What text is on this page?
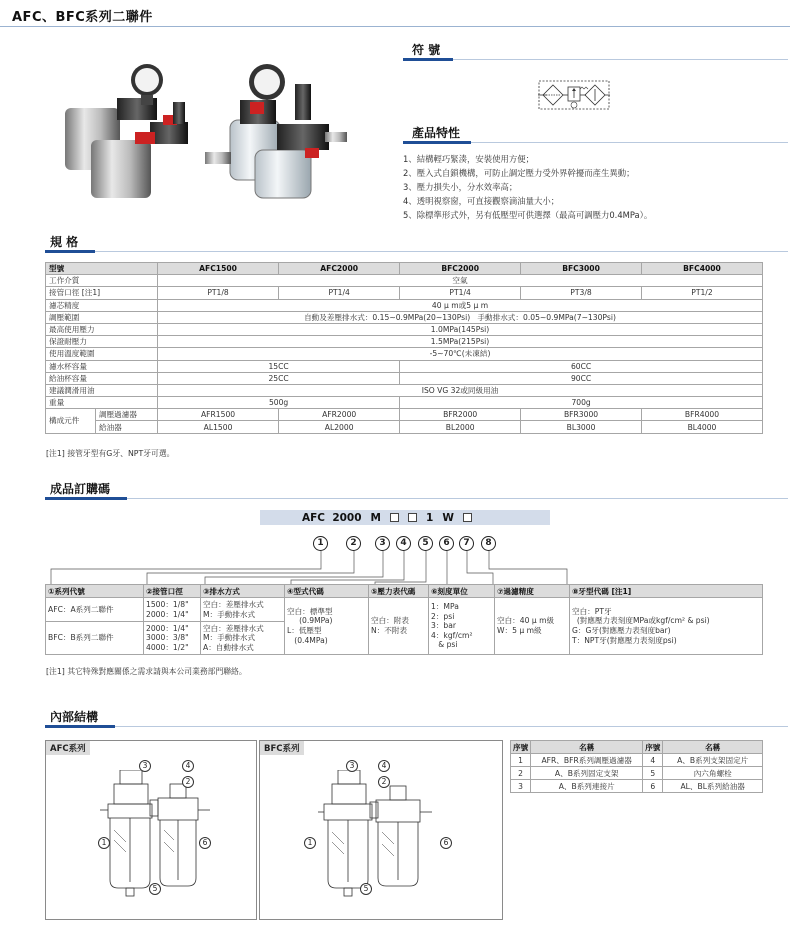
AFC、BFC系列二聯件
符 號
產品特性
1、結構輕巧緊湊，安裝使用方便；
2、壓入式自鎖機構，可防止調定壓力受外界幹擾而產生異動；
3、壓力損失小，分水效率高；
4、透明視察窗，可直接觀察滴油量大小；
5、除標準形式外，另有低壓型可供選擇（最高可調壓力0.4MPa）。
規 格
型號		AFC1500	AFC2000	BFC2000	BFC3000	BFC4000
工作介質		空氣				
接管口徑 [注1]		PT1/8	PT1/4	PT1/4	PT3/8	PT1/2
濾芯精度		40 μ m或5 μ m				
調壓範圍		自動及差壓排水式：0.15~0.9MPa(20~130Psi)   手動排水式：0.05~0.9MPa(7~130Psi)				
最高使用壓力		1.0MPa(145Psi)				
保證耐壓力		1.5MPa(215Psi)				
使用溫度範圍		-5~70℃(未凍結)				
濾水杯容量		15CC		60CC		
給油杯容量		25CC		90CC		
建議潤滑用油		ISO VG 32或同級用油				
重量		500g		700g		
構成元件	調壓過濾器	AFR1500	AFR2000	BFR2000	BFR3000	BFR4000
	給油器	AL1500	AL2000	BL2000	BL3000	BL4000
[注1] 接管牙型有G牙、NPT牙可選。
成品訂購碼
AFC  2000 M	1 W
1	2	3	4	5	6	7	8
①系列代號	②接管口徑	③排水方式	④型式代碼	⑤壓力表代碼	⑥刻度單位	⑦過濾精度	⑧牙型代碼 [注1]
AFC：A系列二聯件	1500：1/8"
2000：1/4"	空白：差壓排水式
M：手動排水式	空白：標準型
(0.9MPa)
L：低壓型
(0.4MPa)	空白：附表
N：不附表	1：MPa
2：psi
3：bar
4：kgf/cm²
& psi	空白：40 μ m級
W：5 μ m級	空白：PT牙
(對應壓力表刻度MPa或kgf/cm² & psi)
G：G牙(對應壓力表刻度bar)
T：NPT牙(對應壓力表刻度psi)
BFC：B系列二聯件	2000：1/4"
3000：3/8"
4000：1/2"	空白：差壓排水式
M：手動排水式
A：自動排水式					
[注1] 其它特殊對應關係之需求請與本公司業務部門聯絡。
內部結構
AFC系列	BFC系列
3	4
2
1	6
5
3	4
2
1	6
5
序號	名稱	序號	名稱
1	AFR、BFR系列調壓過濾器	4	A、B系列支架固定片
2	A、B系列固定支架	5	內六角螺栓
3	A、B系列連接片	6	AL、BL系列給油器
